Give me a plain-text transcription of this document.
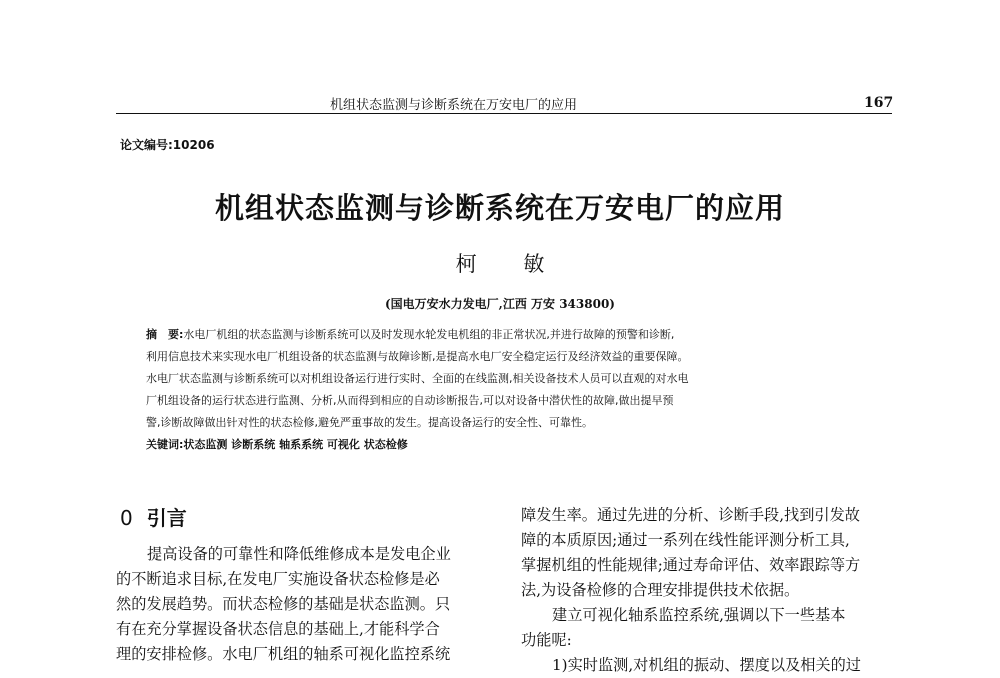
机组状态监测与诊断系统在万安电厂的应用	167
论文编号:10206
机组状态监测与诊断系统在万安电厂的应用
柯 敏
(国电万安水力发电厂,江西 万安 343800)
摘　要:水电厂机组的状态监测与诊断系统可以及时发现水轮发电机组的非正常状况,并进行故障的预警和诊断,
利用信息技术来实现水电厂机组设备的状态监测与故障诊断,是提高水电厂安全稳定运行及经济效益的重要保障。
水电厂状态监测与诊断系统可以对机组设备运行进行实时、全面的在线监测,相关设备技术人员可以直观的对水电
厂机组设备的运行状态进行监测、分析,从而得到相应的自动诊断报告,可以对设备中潜伏性的故障,做出提早预
警,诊断故障做出针对性的状态检修,避免严重事故的发生。提高设备运行的安全性、可靠性。
关键词:状态监测 诊断系统 轴系系统 可视化 状态检修
0 引言
提高设备的可靠性和降低维修成本是发电企业
的不断追求目标,在发电厂实施设备状态检修是必
然的发展趋势。而状态检修的基础是状态监测。只
有在充分掌握设备状态信息的基础上,才能科学合
理的安排检修。水电厂机组的轴系可视化监控系统
障发生率。通过先进的分析、诊断手段,找到引发故
障的本质原因;通过一系列在线性能评测分析工具,
掌握机组的性能规律;通过寿命评估、效率跟踪等方
法,为设备检修的合理安排提供技术依据。
建立可视化轴系监控系统,强调以下一些基本
功能呢:
1)实时监测,对机组的振动、摆度以及相关的过
